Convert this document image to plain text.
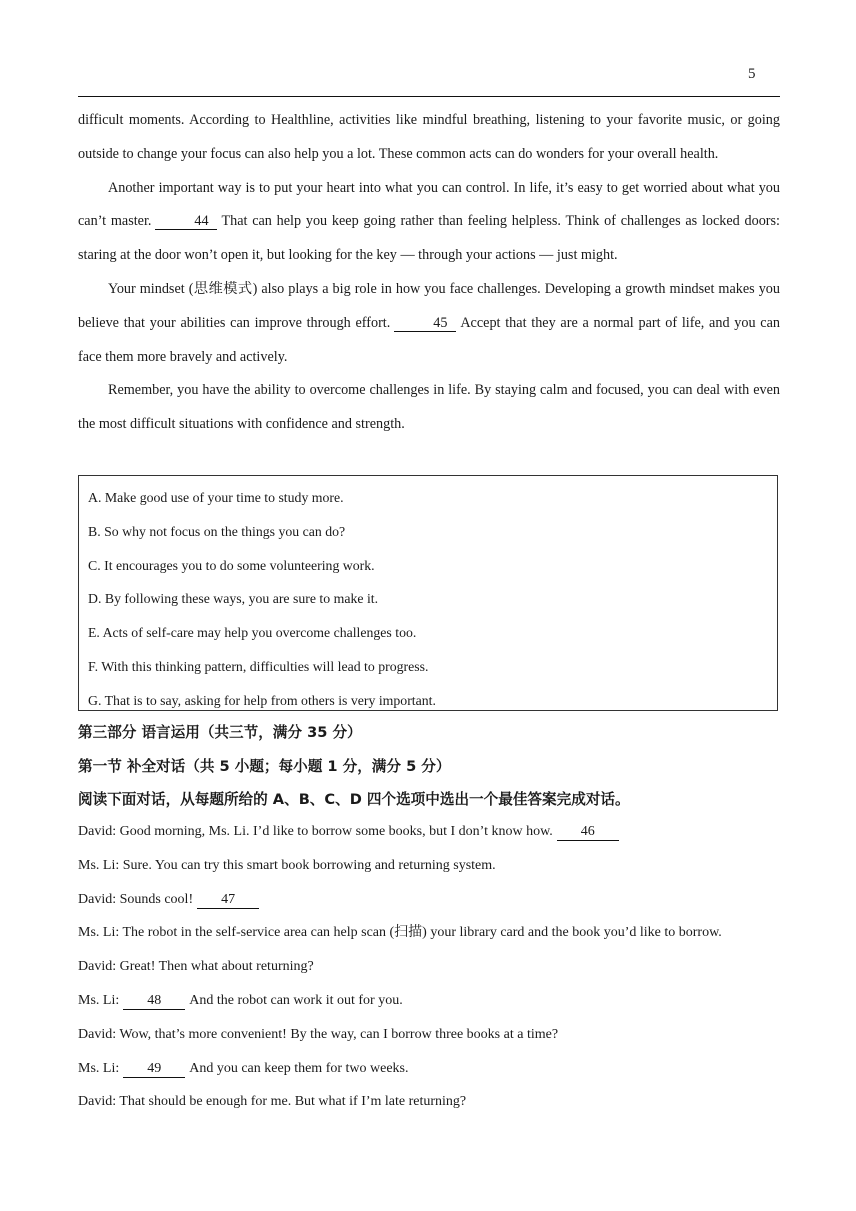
5

difficult moments. According to Healthline, activities like mindful breathing, listening to your favorite music, or going outside to change your focus can also help you a lot. These common acts can do wonders for your overall health.

Another important way is to put your heart into what you can control. In life, it’s easy to get worried about what you can’t master.	44 That can help you keep going rather than feeling helpless. Think of challenges as locked doors: staring at the door won’t open it, but looking for the key — through your actions — just might.

Your mindset (思维模式) also plays a big role in how you face challenges. Developing a growth mindset makes you believe that your abilities can improve through effort.	45 Accept that they are a normal part of life, and you can face them more bravely and actively.

Remember, you have the ability to overcome challenges in life. By staying calm and focused, you can deal with even the most difficult situations with confidence and strength.

A. Make good use of your time to study more.
B. So why not focus on the things you can do?
C. It encourages you to do some volunteering work.
D. By following these ways, you are sure to make it.
E. Acts of self-care may help you overcome challenges too.
F. With this thinking pattern, difficulties will lead to progress.
G. That is to say, asking for help from others is very important.
第三部分 语言运用（共三节，满分 35 分）
第一节 补全对话（共 5 小题；每小题 1 分，满分 5 分）
阅读下面对话，从每题所给的 A、B、C、D 四个选项中选出一个最佳答案完成对话。
David: Good morning, Ms. Li. I’d like to borrow some books, but I don’t know how. 46
Ms. Li: Sure. You can try this smart book borrowing and returning system.
David: Sounds cool! 47
Ms. Li: The robot in the self-service area can help scan (扫描) your library card and the book you’d like to borrow.
David: Great! Then what about returning?
Ms. Li: 48 And the robot can work it out for you.
David: Wow, that’s more convenient! By the way, can I borrow three books at a time?
Ms. Li: 49 And you can keep them for two weeks.
David: That should be enough for me. But what if I’m late returning?
